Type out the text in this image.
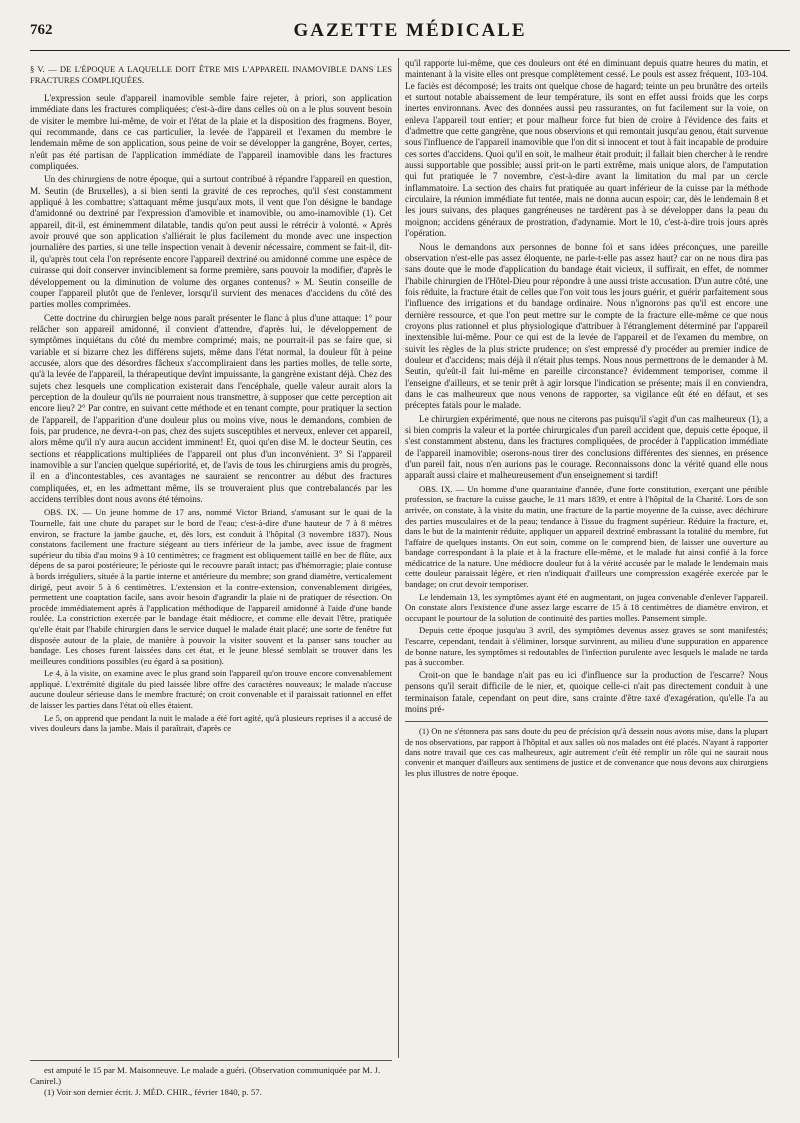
762	GAZETTE MÉDICALE
§ V. — DE L'ÉPOQUE A LAQUELLE DOIT ÊTRE MIS L'APPAREIL INAMOVIBLE DANS LES FRACTURES COMPLIQUÉES.

L'expression seule d'appareil inamovible semble faire rejeter, à priori, son application immédiate dans les fractures compliquées; c'est-à-dire dans celles où on a le plus souvent besoin de visiter le membre lui-même, de voir et l'état de la plaie et la disposition des fragmens. Boyer, qui recommande, dans ce cas particulier, la levée de l'appareil et l'examen du membre le lendemain même de son application, sous peine de voir se développer la gangrène, Boyer, certes, n'eût pas été partisan de l'application immédiate de l'appareil inamovible dans les fractures compliquées.

Un des chirurgiens de notre époque, qui a surtout contribué à répandre l'appareil en question, M. Seutin (de Bruxelles), a si bien senti la gravité de ces reproches, qu'il s'est constamment appliqué à les combattre; s'attaquant même jusqu'aux mots, il vent que l'on désigne le bandage d'amidonné ou dextriné par l'expression d'amovible et inamovible, ou amo-inamovible (1). Cet appareil, dit-il, est éminemment dilatable, tandis qu'on peut aussi le rétrécir à volonté. « Après avoir prouvé que son application s'alliérait le plus facilement du monde avec une inspection journalière des parties, si une telle inspection venait à devenir nécessaire, comment se fait-il, dit-il, qu'après tout cela l'on représente encore l'appareil dextriné ou amidonné comme une espèce de cuirasse qui doit conserver invinciblement sa forme première, sans pouvoir la modifier, d'après le développement ou la diminution de volume des organes contenus? » M. Seutin conseille de couper l'appareil plutôt que de l'enlever, lorsqu'il survient des menaces d'accidens du côté des parties molles comprimées.

Cette doctrine du chirurgien belge nous paraît présenter le flanc à plus d'une attaque: 1° pour relâcher son appareil amidonné, il convient d'attendre, d'après lui, le développement de symptômes inquiétans du côté du membre comprimé; mais, ne pourrait-il pas se faire que, si variable et si bizarre chez les différens sujets, même dans l'état normal, la douleur fût à peine accusée, alors que des désordres fâcheux s'accompliraient dans les parties molles, de telle sorte, qu'à la levée de l'appareil, la thérapeutique devînt impuissante, la gangrène existant déjà. Chez des sujets chez lesquels une complication existerait dans l'encéphale, quelle valeur aurait alors la perception de la douleur qu'ils ne pourraient nous transmettre, à supposer que cette perception ait encore lieu? 2° Par contre, en suivant cette méthode et en tenant compte, pour pratiquer la section de l'appareil, de l'apparition d'une douleur plus ou moins vive, nous le demandons, combien de fois, par prudence, ne devra-t-on pas, chez des sujets susceptibles et nerveux, enlever cet appareil, alors même qu'il n'y aura aucun accident imminent! Et, quoi qu'en dise M. le docteur Seutin, ces sections et réapplications multipliées de l'appareil ont plus d'un inconvénient. 3° Si l'appareil inamovible a sur l'ancien quelque supériorité, et, de l'avis de tous les chirurgiens amis du progrès, il en a d'incontestables, ces avantages ne sauraient se rencontrer au début des fractures compliquées, et, en les admettant même, ils se trouveraient plus que contrebalancés par les accidens terribles dont nous avons été témoins.

OBS. IX. — Un jeune homme de 17 ans, nommé Victor Briand, s'amusant sur le quai de la Tournelle, fait une chute du parapet sur le bord de l'eau; c'est-à-dire d'une hauteur de 7 à 8 mètres environ, se fracture la jambe gauche, et, dès lors, est conduit à l'hôpital (3 novembre 1837). Nous constatons facilement une fracture siégeant au tiers inférieur de la jambe, avec issue de fragment supérieur du tibia d'au moins 9 à 10 centimètres; ce fragment est obliquement taillé en bec de flûte, aux dépens de sa paroi postérieure; le périoste qui le recouvre paraît intact; pas d'hémorragie; plaie contuse à bords irréguliers, située à la partie interne et antérieure du membre; son grand diamètre, verticalement dirigé, peut avoir 5 à 6 centimètres. L'extension et la contre-extension, convenablement dirigées, permettent une coaptation facile, sans avoir besoin d'agrandir la plaie ni de pratiquer de résection. On procède immédiatement après à l'application méthodique de l'appareil amidonné à l'aide d'une bande roulée. La constriction exercée par le bandage était médiocre, et comme elle devait l'être, pratiquée qu'elle était par l'habile chirurgien dans le service duquel le malade était placé; une sorte de fenêtre fut disposée autour de la plaie, de manière à pouvoir la visiter souvent et la panser sans toucher au bandage. Les choses furent laissées dans cet état, et le jeune blessé semblait se trouver dans les meilleures conditions possibles (eu égard à sa position).

Le 4, à la visite, on examine avec le plus grand soin l'appareil qu'on trouve encore convenablement appliqué. L'extrémité digitale du pied laissée libre offre des caractères nouveaux; le malade n'accuse aucune douleur sérieuse dans le membre fracturé; on croit convenable et il paraissait rationnel en effet de laisser les parties dans l'état où elles étaient.

Le 5, on apprend que pendant la nuit le malade a été fort agité, qu'à plusieurs reprises il a accusé de vives douleurs dans la jambe. Mais il paraîtrait, d'après ce

est amputé le 15 par M. Maisonneuve. Le malade a guéri. (Observation communiquée par M. J. Canirel.)

(1) Voir son dernier écrit. J. MÉD. CHIR., février 1840, p. 57.

qu'il rapporte lui-même, que ces douleurs ont été en diminuant depuis quatre heures du matin, et maintenant à la visite elles ont presque complètement cessé. Le pouls est assez fréquent, 103-104. Le faciès est décomposé; les traits ont quelque chose de hagard; teinte un peu brunâtre des orteils et surtout notable abaissement de leur température, ils sont en effet aussi froids que les corps inertes environnans. Avec des données aussi peu rassurantes, on fut facilement sur la voie, on enleva l'appareil tout entier; et pour malheur force fut bien de croire à l'évidence des faits et d'admettre que cette gangrène, que nous observions et qui remontait jusqu'au genou, était survenue sous l'influence de l'appareil inamovible que l'on dit si innocent et tout à fait incapable de produire ces sortes d'accidens. Quoi qu'il en soit, le malheur était produit; il fallait bien chercher à le rendre aussi supportable que possible; aussi prit-on le parti extrême, mais unique alors, de l'amputation qui fut pratiquée le 7 novembre, c'est-à-dire avant la limitation du mal par un cercle inflammatoire. La section des chairs fut pratiquée au quart inférieur de la cuisse par la méthode circulaire, la réunion immédiate fut tentée, mais ne donna aucun espoir; car, dès le lendemain 8 et les jours suivans, des plaques gangréneuses ne tardèrent pas à se développer dans la peau du moignon; accidens généraux de prostration, d'adynamie. Mort le 10, c'est-à-dire trois jours après l'opération.

Nous le demandons aux personnes de bonne foi et sans idées préconçues, une pareille observation n'est-elle pas assez éloquente, ne parle-t-elle pas assez haut? car on ne nous dira pas sans doute que le mode d'application du bandage était vicieux, il suffirait, en effet, de nommer l'habile chirurgien de l'Hôtel-Dieu pour répondre à une aussi triste accusation. D'un autre côté, une fois réduite, la fracture était de celles que l'on voit tous les jours guérir, et guérir parfaitement sous l'influence des irrigations et du bandage ordinaire. Nous n'ignorons pas qu'il est encore une dernière ressource, et que l'on peut mettre sur le compte de la fracture elle-même ce que nous croyons plus rationnel et plus physiologique d'attribuer à l'étranglement déterminé par l'appareil inextensible lui-même. Pour ce qui est de la levée de l'appareil et de l'examen du membre, on suivit les règles de la plus stricte prudence; on s'est empressé d'y procéder au premier indice de douleur et d'accidens; mais déjà il n'était plus temps. Nous nous permettrons de le demander à M. Seutin, qu'eût-il fait lui-même en pareille circonstance? évidemment temporiser, comme il l'enseigne d'ailleurs, et se tenir prêt à agir lorsque l'indication se présente; mais il en conviendra, dans le cas malheureux que nous venons de rapporter, sa vigilance eût été en défaut, et ses préceptes fatals pour le malade.

Le chirurgien expérimenté, que nous ne citerons pas puisqu'il s'agit d'un cas malheureux (1), a si bien compris la valeur et la portée chirurgicales d'un pareil accident que, depuis cette époque, il s'est constamment abstenu, dans les fractures compliquées, de procéder à l'application immédiate de l'appareil inamovible; oserons-nous tirer des conclusions différentes des siennes, en présence d'un pareil fait, nous n'en aurions pas le courage. Reconnaissons donc la vérité quand elle nous apparaît aussi claire et malheureusement d'un enseignement si tardif!

OBS. IX. — Un homme d'une quarantaine d'année, d'une forte constitution, exerçant une pénible profession, se fracture la cuisse gauche, le 11 mars 1839, et entre à l'hôpital de la Charité. Lors de son arrivée, on constate, à la visite du matin, une fracture de la partie moyenne de la cuisse, avec déchirure des parties musculaires et de la peau; tendance à l'issue du fragment supérieur. Réduire la fracture, et, dans le but de la maintenir réduite, appliquer un appareil dextriné embrassant la totalité du membre, fut l'affaire de quelques instants. On eut soin, comme on le comprend bien, de laisser une ouverture au bandage correspondant à la plaie et à la fracture elle-même, et le malade fut ainsi confié à la force médicatrice de la nature. Une médiocre douleur fut à la vérité accusée par le malade le lendemain mais cette douleur paraissait légère, et rien n'indiquait d'ailleurs une compression exagérée exercée par le bandage; on crut devoir temporiser.

Le lendemain 13, les symptômes ayant été en augmentant, on jugea convenable d'enlever l'appareil. On constate alors l'existence d'une assez large escarre de 15 à 18 centimètres de diamètre environ, et occupant le pourtour de la solution de continuité des parties molles. Pansement simple.

Depuis cette époque jusqu'au 3 avril, des symptômes devenus assez graves se sont manifestés; l'escarre, cependant, tendait à s'éliminer, lorsque survinrent, au milieu d'une suppuration en apparence de bonne nature, les symptômes si redoutables de l'infection purulente avec lesquels le malade ne tarda pas à succomber.

Croit-on que le bandage n'ait pas eu ici d'influence sur la production de l'escarre? Nous pensons qu'il serait difficile de le nier, et, quoique celle-ci n'ait pas directement conduit à une terminaison fatale, cependant on peut dire, sans crainte d'être taxé d'exagération, qu'elle l'a au moins pré-

(1) On ne s'étonnera pas sans doute du peu de précision qu'à dessein nous avons mise, dans la plupart de nos observations, par rapport à l'hôpital et aux salles où nos malades ont été placés. N'ayant à rapporter dans notre travail que ces cas malheureux, agir autrement c'eût été remplir un rôle qui ne saurait nous convenir et manquer d'ailleurs aux sentimens de justice et de convenance que nous devons aux chirurgiens les plus illustres de notre époque.
